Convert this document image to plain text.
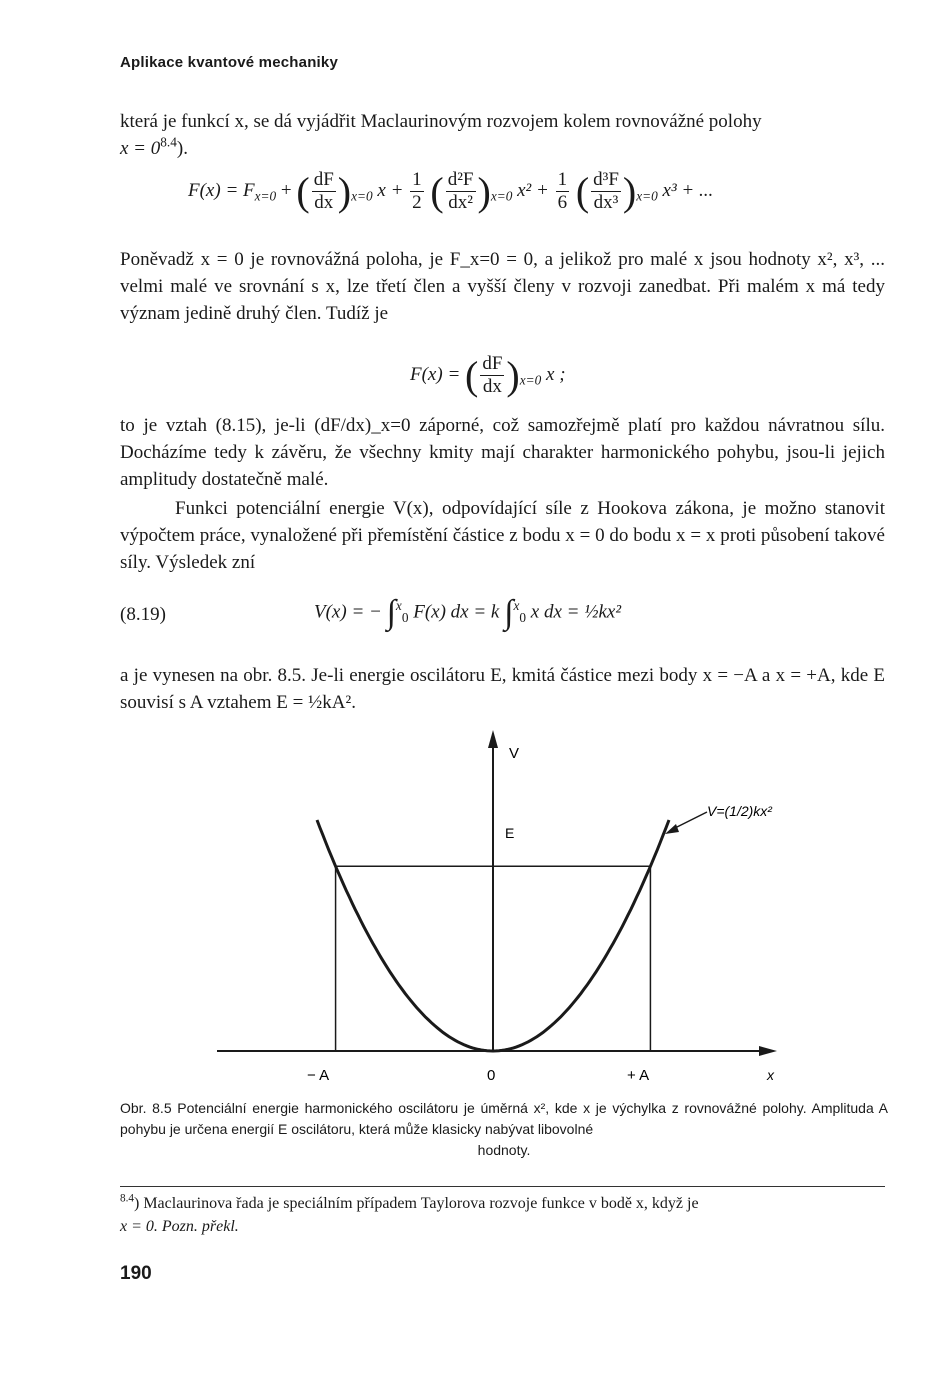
Aplikace kvantové mechaniky
která je funkcí x, se dá vyjádřit Maclaurinovým rozvojem kolem rovnovážné polohy
$x = 0^{8.4}$).
$F(x) = F_{x=0}$ + ( $\frac{dF}{dx} )_{x=0}$ $x + \frac{1}{2}$ ( $\frac{\text{d²F}}{\text{dx²}} )_{x=0}$ $x^2 + \frac{1}{6}$ ( $\frac{\text{d³F}}{\text{dx³}} )_{x=0}$ x³ + ...
Poněvadž x = 0 je rovnovážná poloha, je F_x=0 = 0, a jelikož pro malé x jsou hodnoty x², x³, ... velmi malé ve srovnání s x, lze třetí člen a vyšší členy v rozvoji zanedbat. Při malém x má tedy význam jedině druhý člen. Tudíž je
F(x) = ( $\frac{dF}{dx} )_{x=0}$ x ;
to je vztah (8.15), je-li (dF/dx)_x=0 záporné, což samozřejmě platí pro každou návratnou sílu. Docházíme tedy k závěru, že všechny kmity mají charakter harmonického pohybu, jsou-li jejich amplitudy dostatečně malé.
Funkci potenciální energie V(x), odpovídající síle z Hookova zákona, je možno stanovit výpočtem práce, vynaložené při přemístění částice z bodu x = 0 do bodu x = x proti působení takové síly. Výsledek zní
(8.19)	V(x) = − ∫$^x_0$ F(x) dx = k ∫$^x_0$ x dx = ½kx²
a je vynesen na obr. 8.5. Je-li energie oscilátoru E, kmitá částice mezi body x = −A a x = +A, kde E souvisí s A vztahem E = ½kA².
V
E
V=(1/2)kx²
− A	0	+ A	x
Obr. 8.5 Potenciální energie harmonického oscilátoru je úměrná x², kde x je výchylka z rovnovážné polohy. Amplituda A pohybu je určena energií E oscilátoru, která může klasicky nabývat libovolné

hodnoty.
$^{8.4}$) Maclaurinova řada je speciálním případem Taylorova rozvoje funkce v bodě x, když je
x = 0. Pozn. překl.
190
